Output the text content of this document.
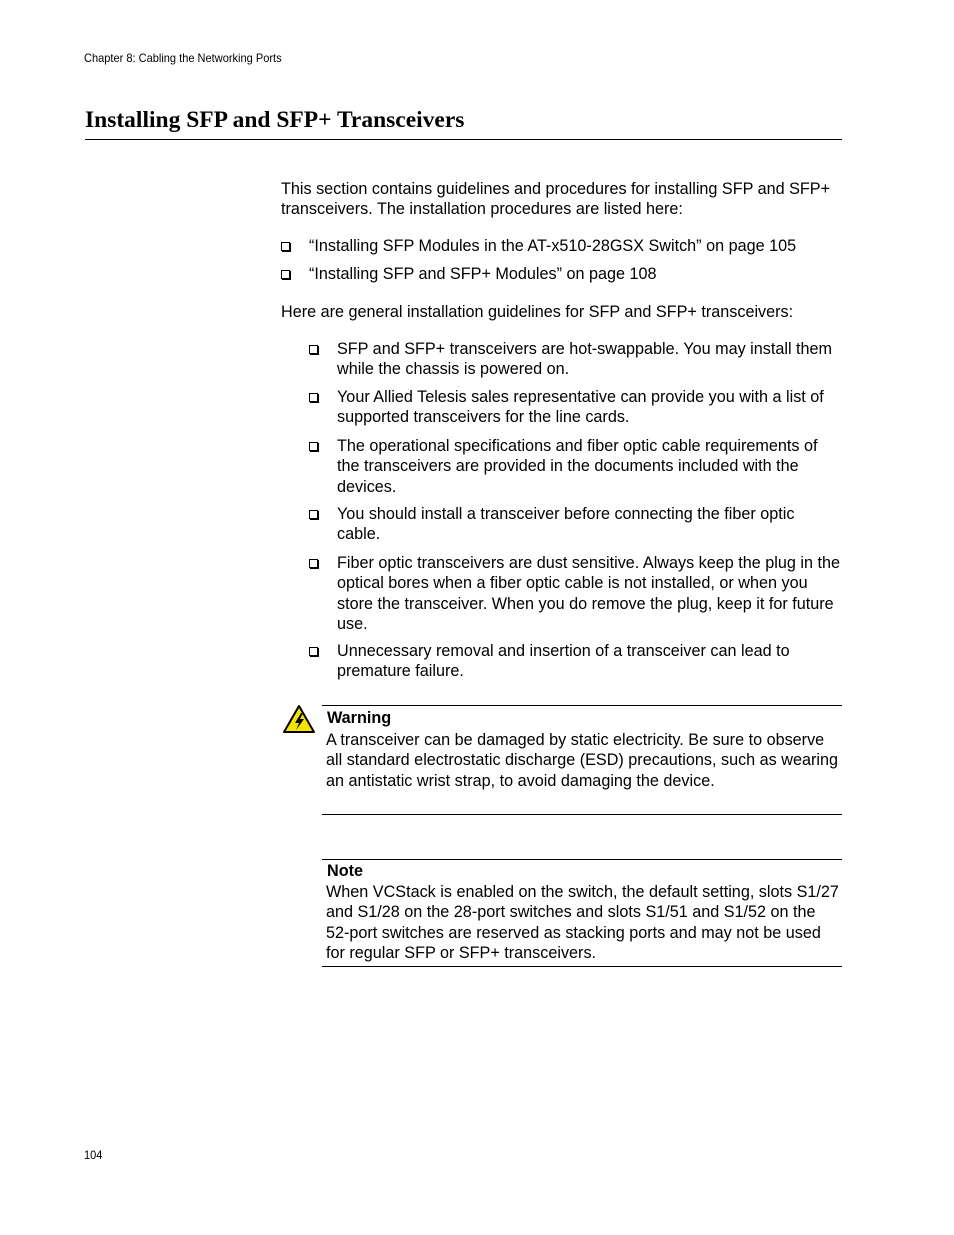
Chapter 8: Cabling the Networking Ports
Installing SFP and SFP+ Transceivers
This section contains guidelines and procedures for installing SFP and SFP+ transceivers. The installation procedures are listed here:
“Installing SFP Modules in the AT-x510-28GSX Switch” on page 105
“Installing SFP and SFP+ Modules” on page 108
Here are general installation guidelines for SFP and SFP+ transceivers:
SFP and SFP+ transceivers are hot-swappable. You may install them while the chassis is powered on.
Your Allied Telesis sales representative can provide you with a list of supported transceivers for the line cards.
The operational specifications and fiber optic cable requirements of the transceivers are provided in the documents included with the devices.
You should install a transceiver before connecting the fiber optic cable.
Fiber optic transceivers are dust sensitive. Always keep the plug in the optical bores when a fiber optic cable is not installed, or when you store the transceiver. When you do remove the plug, keep it for future use.
Unnecessary removal and insertion of a transceiver can lead to premature failure.
Warning
A transceiver can be damaged by static electricity. Be sure to observe all standard electrostatic discharge (ESD) precautions, such as wearing an antistatic wrist strap, to avoid damaging the device.
Note
When VCStack is enabled on the switch, the default setting, slots S1/27 and S1/28 on the 28-port switches and slots S1/51 and S1/52 on the 52-port switches are reserved as stacking ports and may not be used for regular SFP or SFP+ transceivers.
104
